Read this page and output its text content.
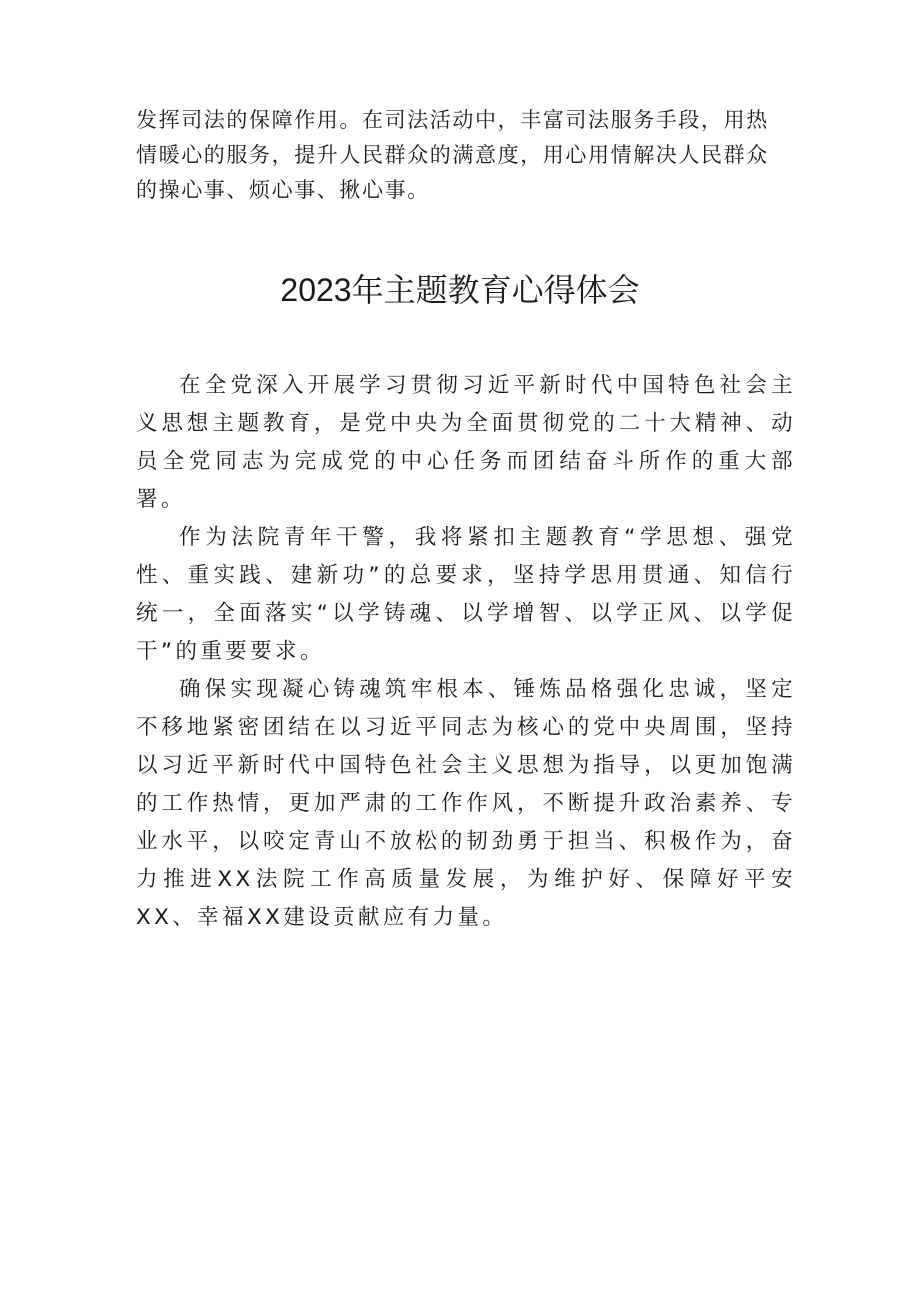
发挥司法的保障作用。在司法活动中，丰富司法服务手段，用热情暖心的服务，提升人民群众的满意度，用心用情解决人民群众的操心事、烦心事、揪心事。

2023年主题教育心得体会

在全党深入开展学习贯彻习近平新时代中国特色社会主义思想主题教育，是党中央为全面贯彻党的二十大精神、动员全党同志为完成党的中心任务而团结奋斗所作的重大部署。

作为法院青年干警，我将紧扣主题教育“学思想、强党性、重实践、建新功”的总要求，坚持学思用贯通、知信行统一，全面落实“以学铸魂、以学增智、以学正风、以学促干”的重要要求。

确保实现凝心铸魂筑牢根本、锤炼品格强化忠诚，坚定不移地紧密团结在以习近平同志为核心的党中央周围，坚持以习近平新时代中国特色社会主义思想为指导，以更加饱满的工作热情，更加严肃的工作作风，不断提升政治素养、专业水平，以咬定青山不放松的韧劲勇于担当、积极作为，奋力推进XX法院工作高质量发展，为维护好、保障好平安XX、幸福XX建设贡献应有力量。
